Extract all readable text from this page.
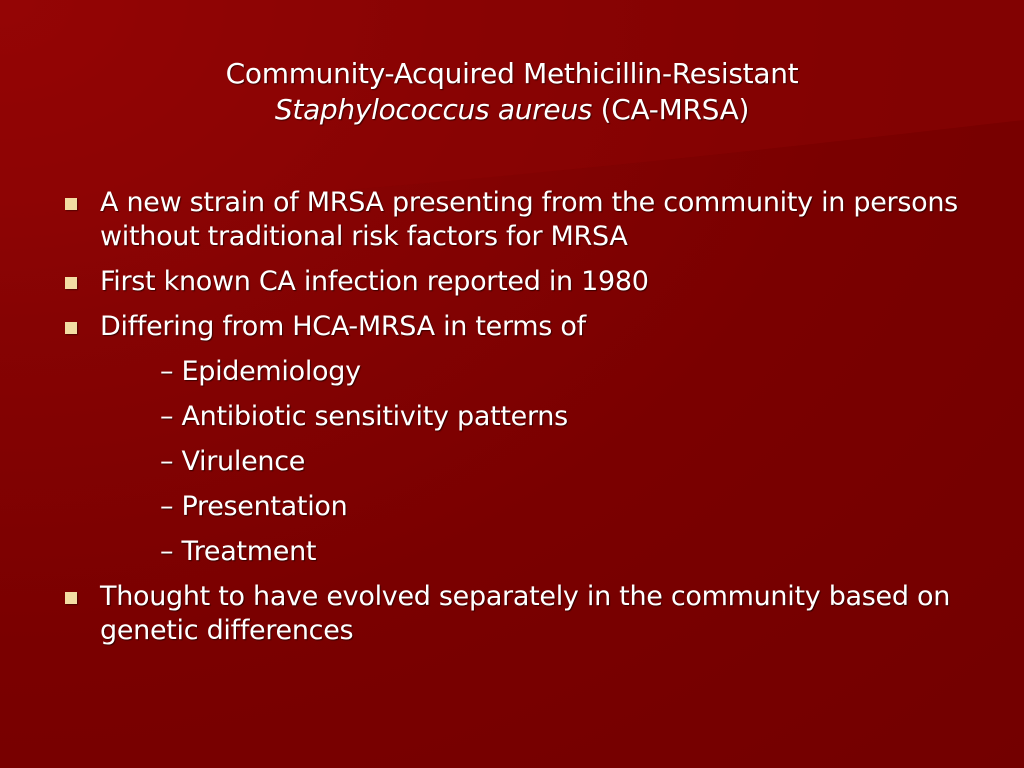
Community-Acquired Methicillin-Resistant
Staphylococcus aureus (CA-MRSA)
A new strain of MRSA presenting from the community in persons without traditional risk factors for MRSA
First known CA infection reported in 1980
Differing from HCA-MRSA in terms of
– Epidemiology
– Antibiotic sensitivity patterns
– Virulence
– Presentation
– Treatment
Thought to have evolved separately in the community based on genetic differences
